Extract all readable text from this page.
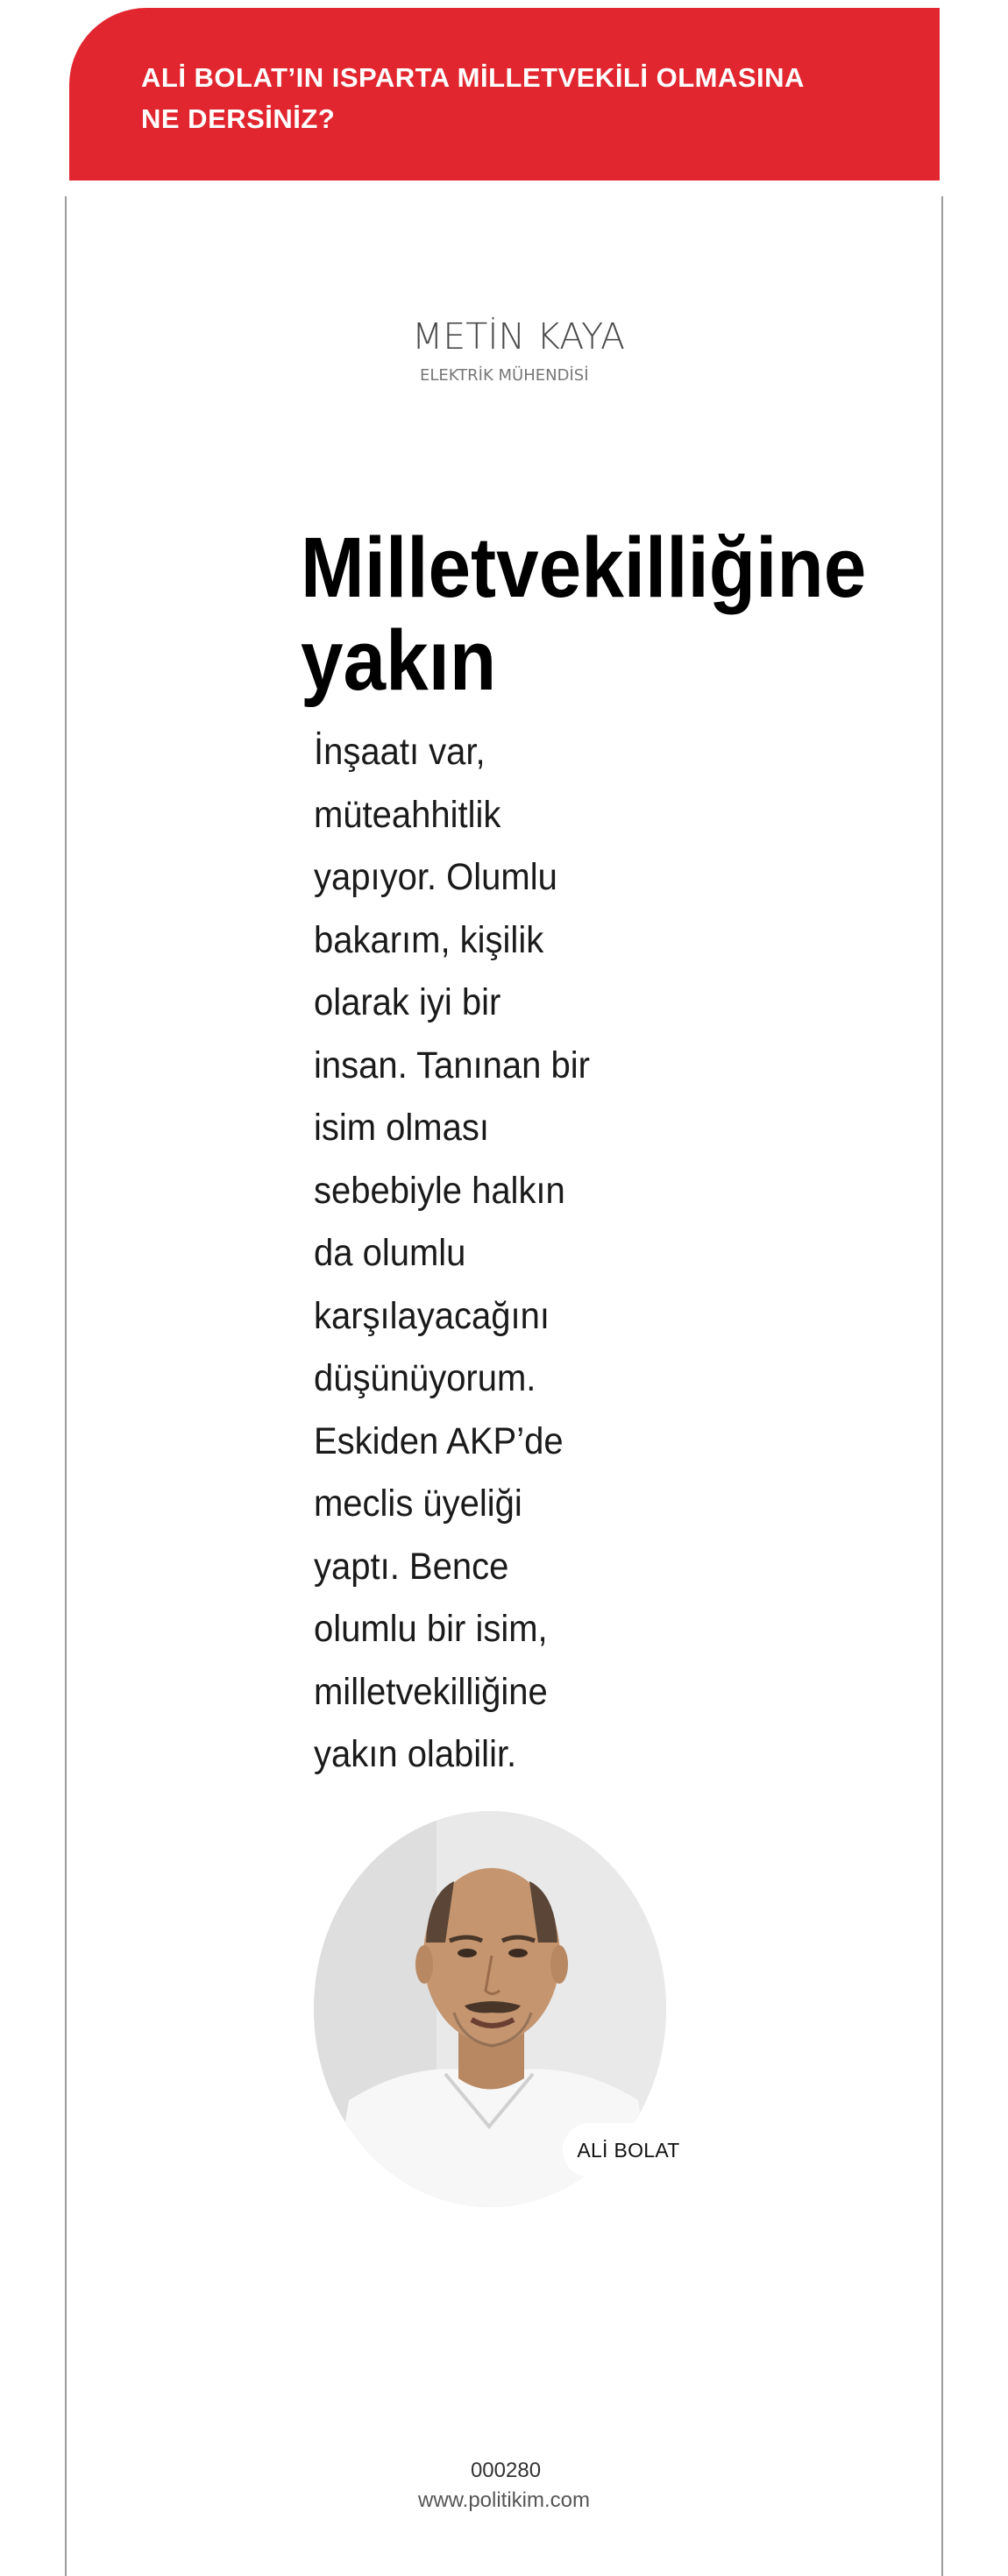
ALİ BOLAT’IN ISPARTA MİLLETVEKİLİ OLMASINA
NE DERSİNİZ?

METİN KAYA

ELEKTRİK MÜHENDİSİ

Milletvekilliğine
yakın

İnşaatı var, müteahhitlik yapıyor. Olumlu bakarım, kişilik olarak iyi bir insan. Tanınan bir isim olması sebebiyle halkın da olumlu karşılayacağını düşünüyorum. Eskiden AKP’de meclis üyeliği yaptı. Bence olumlu bir isim, milletvekilliğine yakın olabilir.

ALİ BOLAT

000280

www.politikim.com
